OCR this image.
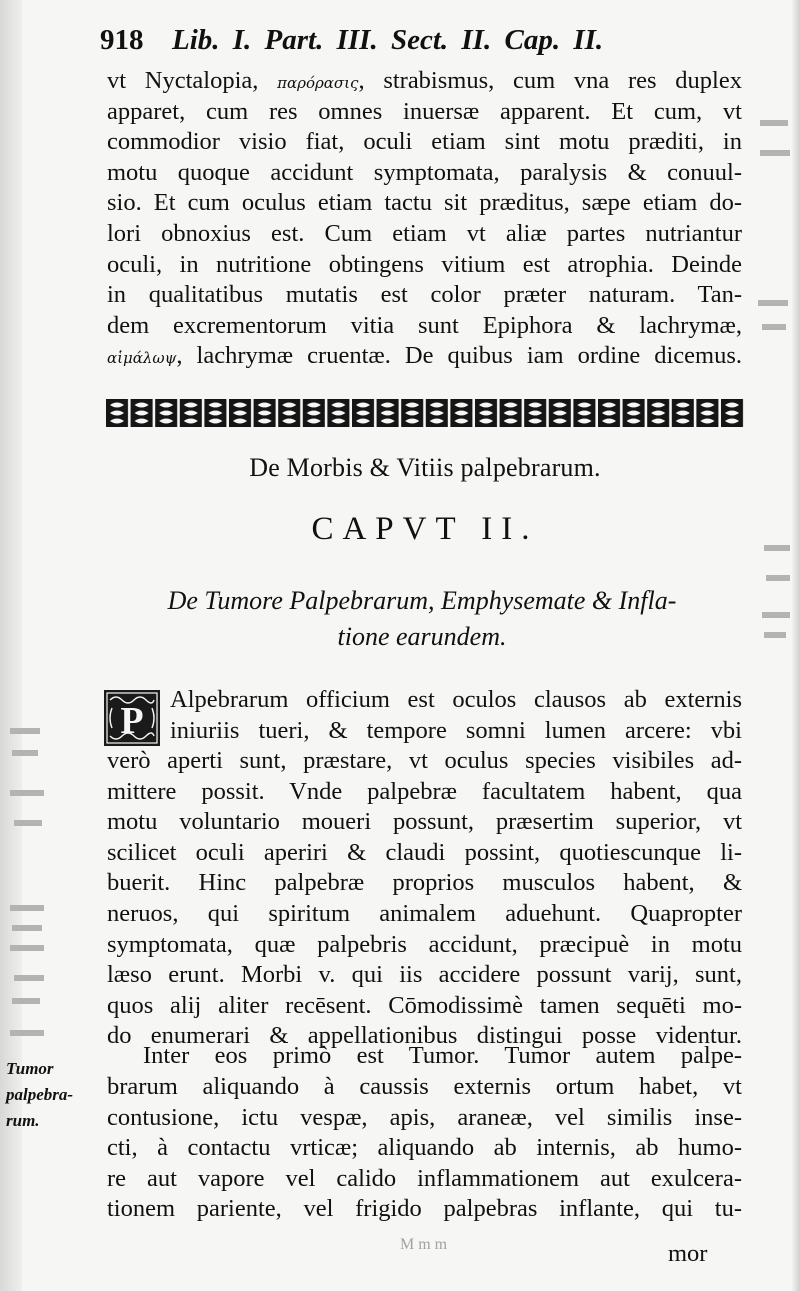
918 Lib. I. Part. III. Sect. II. Cap. II.
vt Nyctalopia, παρόρασις, strabismus, cum vna res duplex
apparet, cum res omnes inuersæ apparent. Et cum, vt
commodior visio fiat, oculi etiam sint motu præditi, in
motu quoque accidunt symptomata, paralysis & conuul-
sio. Et cum oculus etiam tactu sit præditus, sæpe etiam do-
lori obnoxius est. Cum etiam vt aliæ partes nutriantur
oculi, in nutritione obtingens vitium est atrophia. Deinde
in qualitatibus mutatis est color præter naturam. Tan-
dem excrementorum vitia sunt Epiphora & lachrymæ,
αἱμάλωψ, lachrymæ cruentæ. De quibus iam ordine dicemus.
De Morbis & Vitiis palpebrarum.
CAPVT II.
De Tumore Palpebrarum, Emphysemate & Infla-
tione earundem.
P
Alpebrarum officium est oculos clausos ab externis
iniuriis tueri, & tempore somni lumen arcere: vbi
verò aperti sunt, præstare, vt oculus species visibiles ad-
mittere possit. Vnde palpebræ facultatem habent, qua
motu voluntario moueri possunt, præsertim superior, vt
scilicet oculi aperiri & claudi possint, quotiescunque li-
buerit. Hinc palpebræ proprios musculos habent, &
neruos, qui spiritum animalem aduehunt. Quapropter
symptomata, quæ palpebris accidunt, præcipuè in motu
læso erunt. Morbi v. qui iis accidere possunt varij, sunt,
quos alij aliter recēsent. Cōmodissimè tamen sequēti mo-
do enumerari & appellationibus distingui posse videntur.
Inter eos primò est Tumor. Tumor autem palpe-
brarum aliquando à caussis externis ortum habet, vt
contusione, ictu vespæ, apis, araneæ, vel similis inse-
cti, à contactu vrticæ; aliquando ab internis, ab humo-
re aut vapore vel calido inflammationem aut exulcera-
tionem pariente, vel frigido palpebras inflante, qui tu-
Tumor
palpebra-
rum.
M m m	mor
